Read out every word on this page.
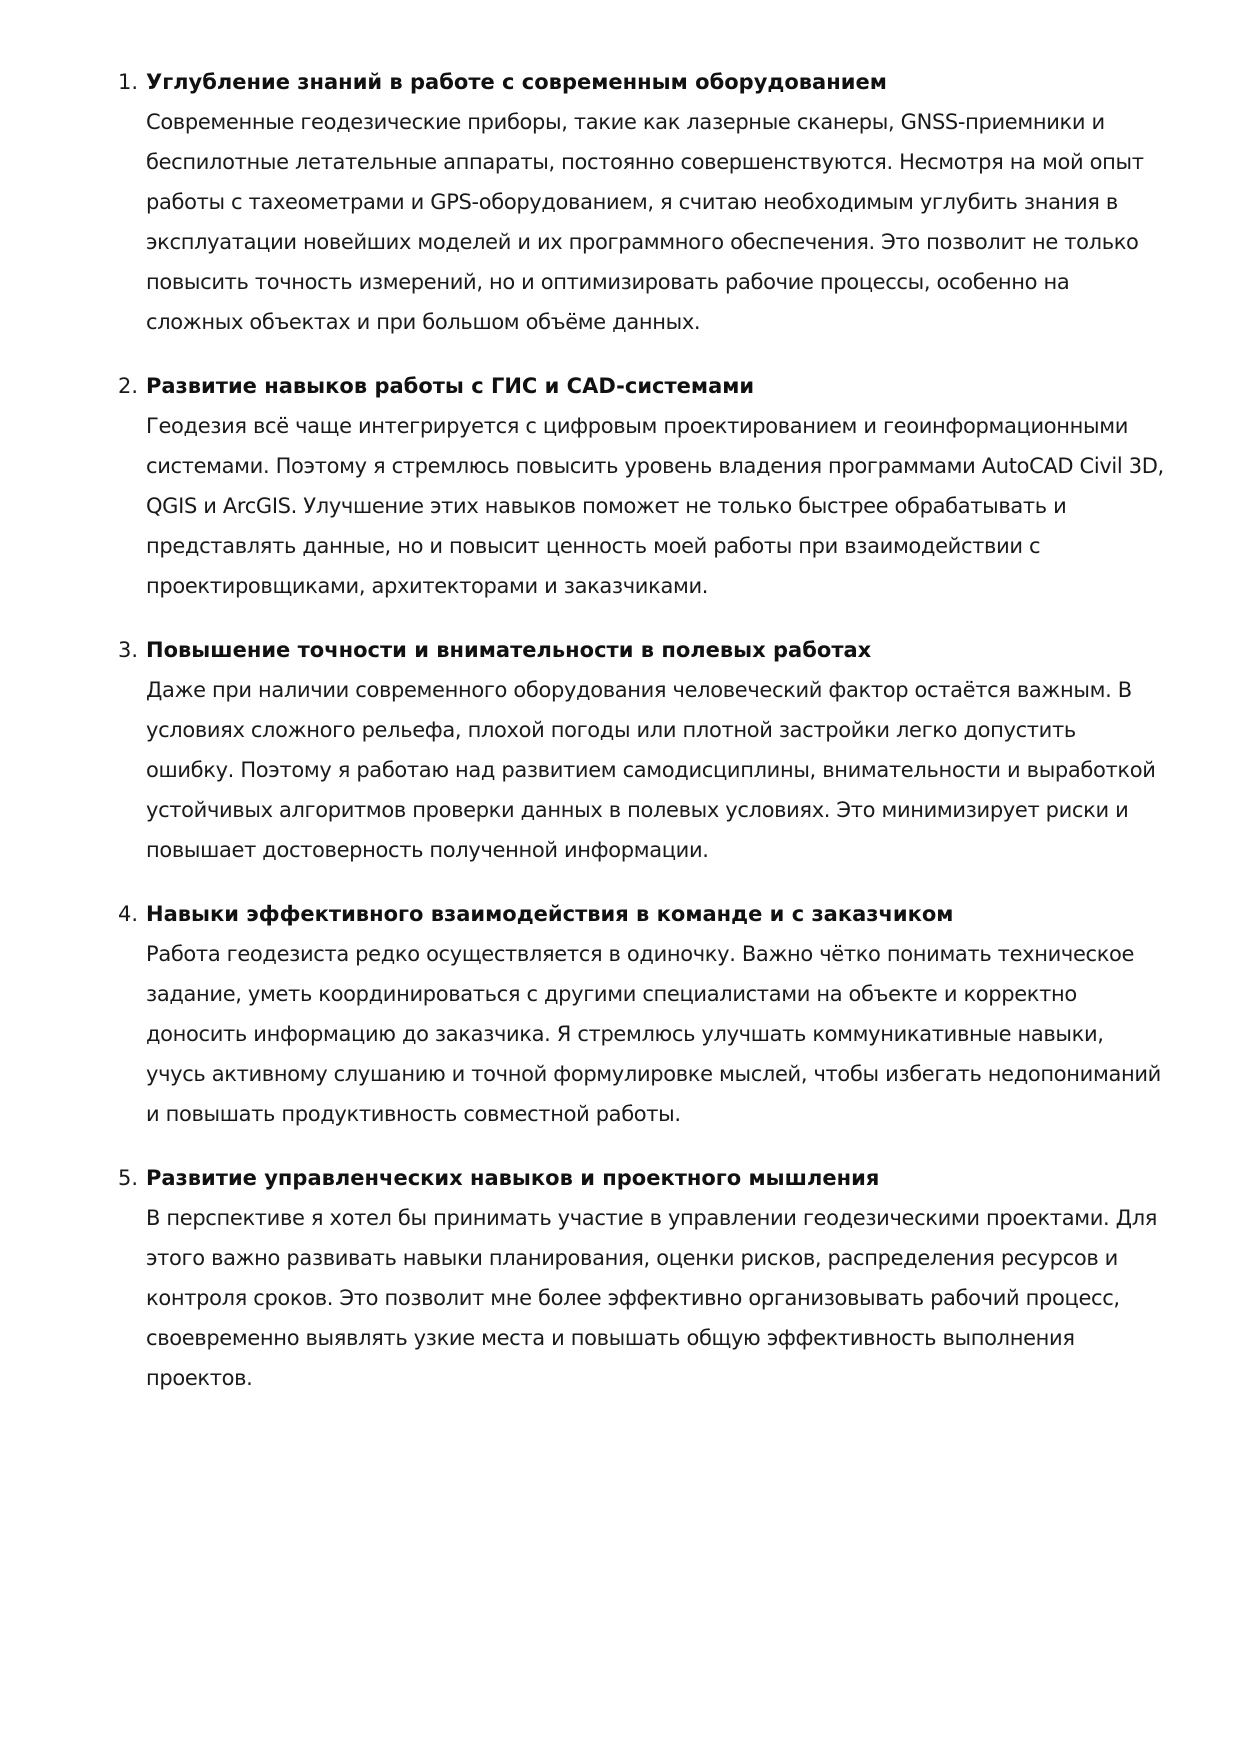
1. Углубление знаний в работе с современным оборудованием

Современные геодезические приборы, такие как лазерные сканеры, GNSS-приемники и беспилотные летательные аппараты, постоянно совершенствуются. Несмотря на мой опыт работы с тахеометрами и GPS-оборудованием, я считаю необходимым углубить знания в эксплуатации новейших моделей и их программного обеспечения. Это позволит не только повысить точность измерений, но и оптимизировать рабочие процессы, особенно на сложных объектах и при большом объёме данных.

2. Развитие навыков работы с ГИС и CAD-системами

Геодезия всё чаще интегрируется с цифровым проектированием и геоинформационными системами. Поэтому я стремлюсь повысить уровень владения программами AutoCAD Civil 3D, QGIS и ArcGIS. Улучшение этих навыков поможет не только быстрее обрабатывать и представлять данные, но и повысит ценность моей работы при взаимодействии с проектировщиками, архитекторами и заказчиками.

3. Повышение точности и внимательности в полевых работах

Даже при наличии современного оборудования человеческий фактор остаётся важным. В условиях сложного рельефа, плохой погоды или плотной застройки легко допустить ошибку. Поэтому я работаю над развитием самодисциплины, внимательности и выработкой устойчивых алгоритмов проверки данных в полевых условиях. Это минимизирует риски и повышает достоверность полученной информации.

4. Навыки эффективного взаимодействия в команде и с заказчиком

Работа геодезиста редко осуществляется в одиночку. Важно чётко понимать техническое задание, уметь координироваться с другими специалистами на объекте и корректно доносить информацию до заказчика. Я стремлюсь улучшать коммуникативные навыки, учусь активному слушанию и точной формулировке мыслей, чтобы избегать недопониманий и повышать продуктивность совместной работы.

5. Развитие управленческих навыков и проектного мышления

В перспективе я хотел бы принимать участие в управлении геодезическими проектами. Для этого важно развивать навыки планирования, оценки рисков, распределения ресурсов и контроля сроков. Это позволит мне более эффективно организовывать рабочий процесс, своевременно выявлять узкие места и повышать общую эффективность выполнения проектов.
